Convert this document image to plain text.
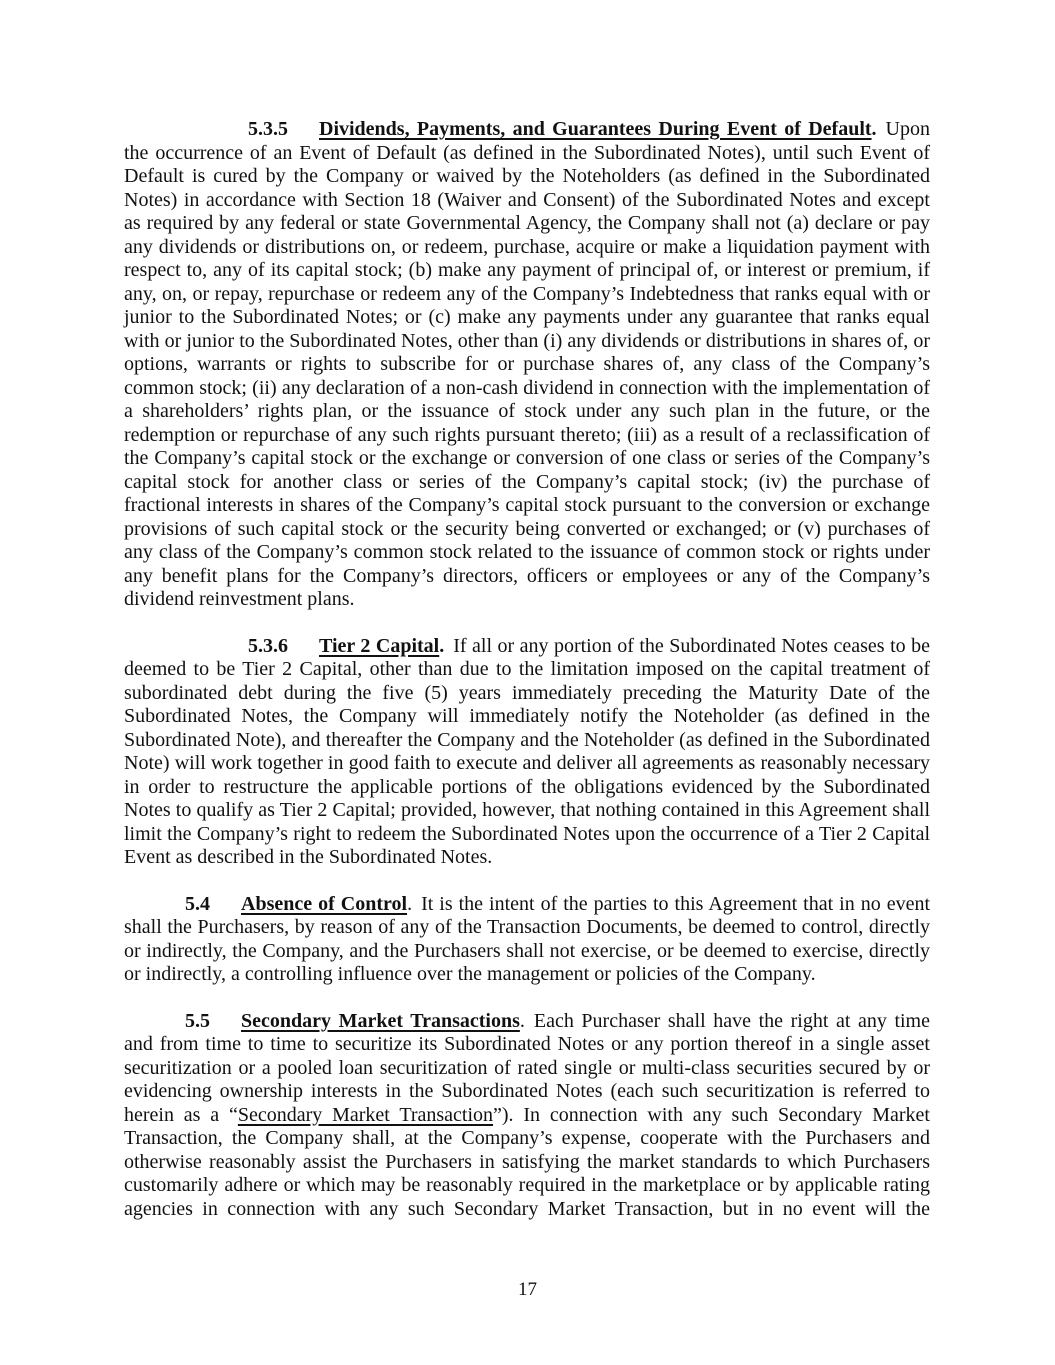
5.3.5 Dividends, Payments, and Guarantees During Event of Default. Upon the occurrence of an Event of Default (as defined in the Subordinated Notes), until such Event of Default is cured by the Company or waived by the Noteholders (as defined in the Subordinated Notes) in accordance with Section 18 (Waiver and Consent) of the Subordinated Notes and except as required by any federal or state Governmental Agency, the Company shall not (a) declare or pay any dividends or distributions on, or redeem, purchase, acquire or make a liquidation payment with respect to, any of its capital stock; (b) make any payment of principal of, or interest or premium, if any, on, or repay, repurchase or redeem any of the Company’s Indebtedness that ranks equal with or junior to the Subordinated Notes; or (c) make any payments under any guarantee that ranks equal with or junior to the Subordinated Notes, other than (i) any dividends or distributions in shares of, or options, warrants or rights to subscribe for or purchase shares of, any class of the Company’s common stock; (ii) any declaration of a non-cash dividend in connection with the implementation of a shareholders’ rights plan, or the issuance of stock under any such plan in the future, or the redemption or repurchase of any such rights pursuant thereto; (iii) as a result of a reclassification of the Company’s capital stock or the exchange or conversion of one class or series of the Company’s capital stock for another class or series of the Company’s capital stock; (iv) the purchase of fractional interests in shares of the Company’s capital stock pursuant to the conversion or exchange provisions of such capital stock or the security being converted or exchanged; or (v) purchases of any class of the Company’s common stock related to the issuance of common stock or rights under any benefit plans for the Company’s directors, officers or employees or any of the Company’s dividend reinvestment plans.

5.3.6 Tier 2 Capital. If all or any portion of the Subordinated Notes ceases to be deemed to be Tier 2 Capital, other than due to the limitation imposed on the capital treatment of subordinated debt during the five (5) years immediately preceding the Maturity Date of the Subordinated Notes, the Company will immediately notify the Noteholder (as defined in the Subordinated Note), and thereafter the Company and the Noteholder (as defined in the Subordinated Note) will work together in good faith to execute and deliver all agreements as reasonably necessary in order to restructure the applicable portions of the obligations evidenced by the Subordinated Notes to qualify as Tier 2 Capital; provided, however, that nothing contained in this Agreement shall limit the Company’s right to redeem the Subordinated Notes upon the occurrence of a Tier 2 Capital Event as described in the Subordinated Notes.

5.4 Absence of Control. It is the intent of the parties to this Agreement that in no event shall the Purchasers, by reason of any of the Transaction Documents, be deemed to control, directly or indirectly, the Company, and the Purchasers shall not exercise, or be deemed to exercise, directly or indirectly, a controlling influence over the management or policies of the Company.

5.5 Secondary Market Transactions. Each Purchaser shall have the right at any time and from time to time to securitize its Subordinated Notes or any portion thereof in a single asset securitization or a pooled loan securitization of rated single or multi-class securities secured by or evidencing ownership interests in the Subordinated Notes (each such securitization is referred to herein as a “Secondary Market Transaction”). In connection with any such Secondary Market Transaction, the Company shall, at the Company’s expense, cooperate with the Purchasers and otherwise reasonably assist the Purchasers in satisfying the market standards to which Purchasers customarily adhere or which may be reasonably required in the marketplace or by applicable rating agencies in connection with any such Secondary Market Transaction, but in no event will the

17
